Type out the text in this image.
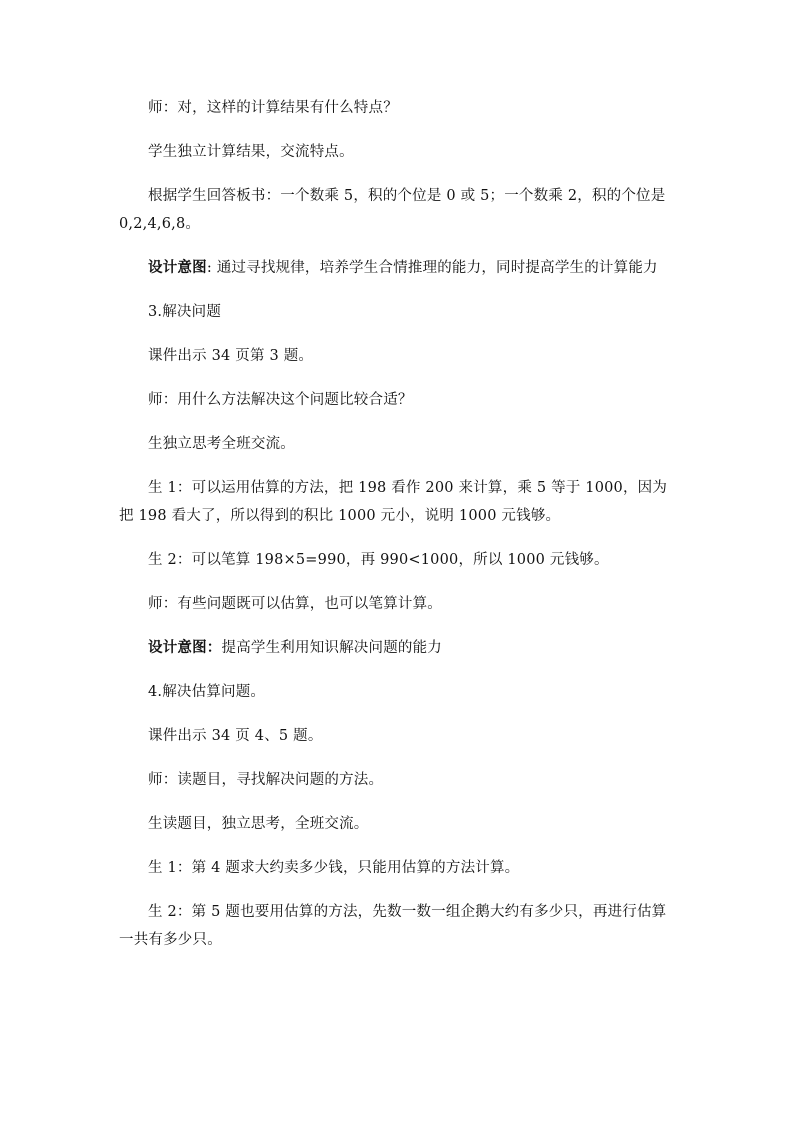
师：对，这样的计算结果有什么特点？

学生独立计算结果，交流特点。

根据学生回答板书：一个数乘 5，积的个位是 0 或 5；一个数乘 2，积的个位是 0,2,4,6,8。

设计意图: 通过寻找规律，培养学生合情推理的能力，同时提高学生的计算能力

3.解决问题

课件出示 34 页第 3 题。

师：用什么方法解决这个问题比较合适？

生独立思考全班交流。

生 1：可以运用估算的方法，把 198 看作 200 来计算，乘 5 等于 1000，因为把 198 看大了，所以得到的积比 1000 元小，说明 1000 元钱够。

生 2：可以笔算 198×5=990，再 990<1000，所以 1000 元钱够。

师：有些问题既可以估算，也可以笔算计算。

设计意图：提高学生利用知识解决问题的能力

4.解决估算问题。

课件出示 34 页 4、5 题。

师：读题目，寻找解决问题的方法。

生读题目，独立思考，全班交流。

生 1：第 4 题求大约卖多少钱，只能用估算的方法计算。

生 2：第 5 题也要用估算的方法，先数一数一组企鹅大约有多少只，再进行估算一共有多少只。
